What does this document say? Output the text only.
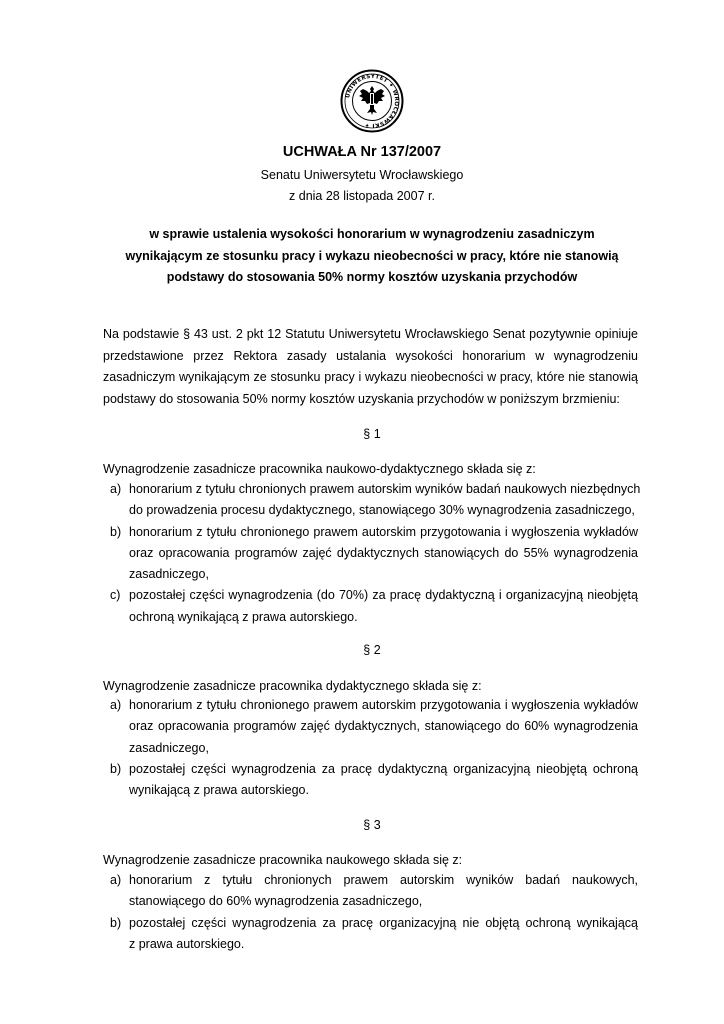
UNIWERSYTET ✦ WROCŁAWSKI ✦
UCHWAŁA Nr 137/2007
Senatu Uniwersytetu Wrocławskiego
z dnia 28 listopada 2007 r.
w sprawie ustalenia wysokości honorarium w wynagrodzeniu zasadniczym
wynikającym ze stosunku pracy i wykazu nieobecności w pracy, które nie stanowią
podstawy do stosowania 50% normy kosztów uzyskania przychodów
Na podstawie § 43 ust. 2 pkt 12 Statutu Uniwersytetu Wrocławskiego Senat pozytywnie opiniuje
przedstawione przez Rektora zasady ustalania wysokości honorarium w wynagrodzeniu
zasadniczym wynikającym ze stosunku pracy i wykazu nieobecności w pracy, które nie stanowią
podstawy do stosowania 50% normy kosztów uzyskania przychodów w poniższym brzmieniu:
§ 1
Wynagrodzenie zasadnicze pracownika naukowo-dydaktycznego składa się z:
a) honorarium z tytułu chronionych prawem autorskim wyników badań naukowych niezbędnych
do prowadzenia procesu dydaktycznego, stanowiącego 30% wynagrodzenia zasadniczego,
b) honorarium z tytułu chronionego prawem autorskim przygotowania i wygłoszenia wykładów
oraz opracowania programów zajęć dydaktycznych stanowiących do 55% wynagrodzenia
zasadniczego,
c) pozostałej części wynagrodzenia (do 70%) za pracę dydaktyczną i organizacyjną nieobjętą
ochroną wynikającą z prawa autorskiego.
§ 2
Wynagrodzenie zasadnicze pracownika dydaktycznego składa się z:
a) honorarium z tytułu chronionego prawem autorskim przygotowania i wygłoszenia wykładów
oraz opracowania programów zajęć dydaktycznych, stanowiącego do 60% wynagrodzenia
zasadniczego,
b) pozostałej części wynagrodzenia za pracę dydaktyczną organizacyjną nieobjętą ochroną
wynikającą z prawa autorskiego.
§ 3
Wynagrodzenie zasadnicze pracownika naukowego składa się z:
a) honorarium z tytułu chronionych prawem autorskim wyników badań naukowych,
stanowiącego do 60% wynagrodzenia zasadniczego,
b) pozostałej części wynagrodzenia za pracę organizacyjną nie objętą ochroną wynikającą
z prawa autorskiego.
